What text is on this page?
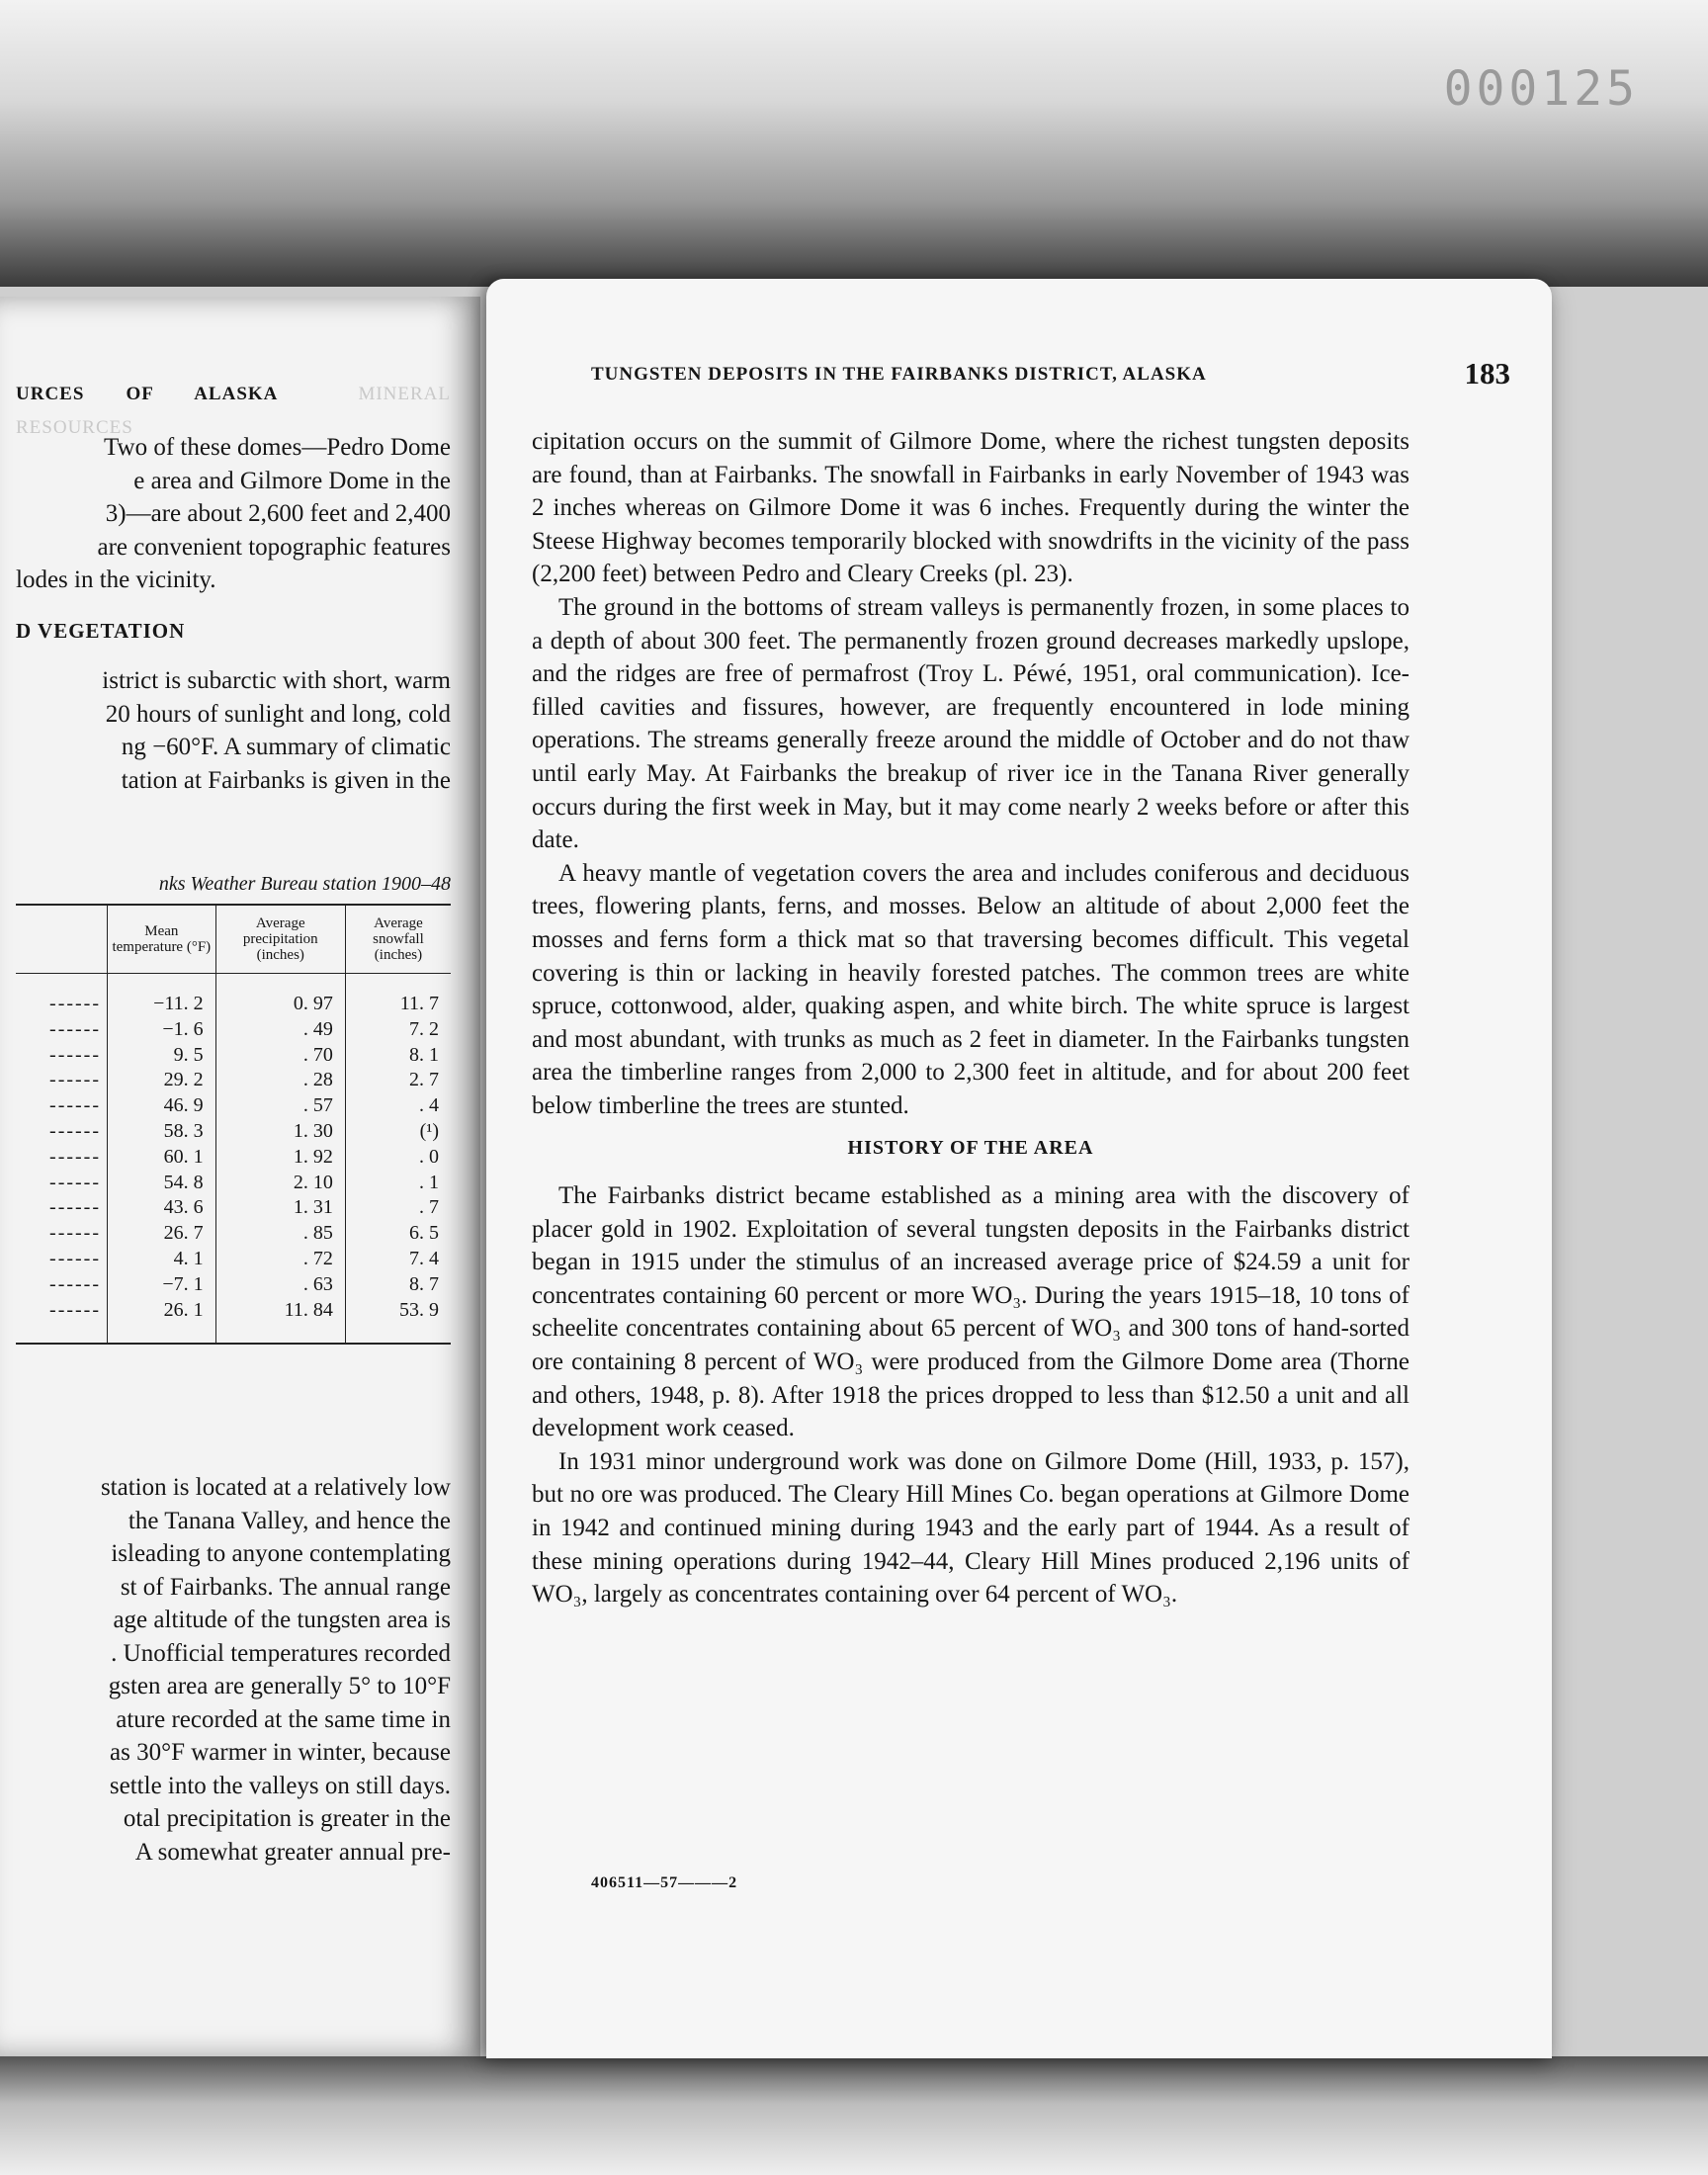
000125
URCES OF ALASKA	MINERAL RESOURCES

Two of these domes—Pedro Dome

e area and Gilmore Dome in the

3)—are about 2,600 feet and 2,400

are convenient topographic features

lodes in the vicinity.

D VEGETATION

istrict is subarctic with short, warm

20 hours of sunlight and long, cold

ng −60°F. A summary of climatic

tation at Fairbanks is given in the

nks Weather Bureau station 1900–48
	Mean temperature (°F)	Average precipitation (inches)	Average snowfall (inches)
------	−11. 2	0. 97	11. 7
------	−1. 6	. 49	7. 2
------	9. 5	. 70	8. 1
------	29. 2	. 28	2. 7
------	46. 9	. 57	. 4
------	58. 3	1. 30	(¹)
------	60. 1	1. 92	. 0
------	54. 8	2. 10	. 1
------	43. 6	1. 31	. 7
------	26. 7	. 85	6. 5
------	4. 1	. 72	7. 4
------	−7. 1	. 63	8. 7
------	26. 1	11. 84	53. 9

station is located at a relatively low

the Tanana Valley, and hence the

isleading to anyone contemplating

st of Fairbanks. The annual range

age altitude of the tungsten area is

. Unofficial temperatures recorded

gsten area are generally 5° to 10°F

ature recorded at the same time in

as 30°F warmer in winter, because

settle into the valleys on still days.

otal precipitation is greater in the

A somewhat greater annual pre-

TUNGSTEN DEPOSITS IN THE FAIRBANKS DISTRICT, ALASKA	183

cipitation occurs on the summit of Gilmore Dome, where the richest tungsten deposits are found, than at Fairbanks. The snowfall in Fairbanks in early November of 1943 was 2 inches whereas on Gilmore Dome it was 6 inches. Frequently during the winter the Steese Highway becomes temporarily blocked with snowdrifts in the vicinity of the pass (2,200 feet) between Pedro and Cleary Creeks (pl. 23).

The ground in the bottoms of stream valleys is permanently frozen, in some places to a depth of about 300 feet. The permanently frozen ground decreases markedly upslope, and the ridges are free of permafrost (Troy L. Péwé, 1951, oral communication). Ice-filled cavities and fissures, however, are frequently encountered in lode mining operations. The streams generally freeze around the middle of October and do not thaw until early May. At Fairbanks the breakup of river ice in the Tanana River generally occurs during the first week in May, but it may come nearly 2 weeks before or after this date.

A heavy mantle of vegetation covers the area and includes coniferous and deciduous trees, flowering plants, ferns, and mosses. Below an altitude of about 2,000 feet the mosses and ferns form a thick mat so that traversing becomes difficult. This vegetal covering is thin or lacking in heavily forested patches. The common trees are white spruce, cottonwood, alder, quaking aspen, and white birch. The white spruce is largest and most abundant, with trunks as much as 2 feet in diameter. In the Fairbanks tungsten area the timberline ranges from 2,000 to 2,300 feet in altitude, and for about 200 feet below timberline the trees are stunted.

HISTORY OF THE AREA

The Fairbanks district became established as a mining area with the discovery of placer gold in 1902. Exploitation of several tungsten deposits in the Fairbanks district began in 1915 under the stimulus of an increased average price of $24.59 a unit for concentrates containing 60 percent or more WO₃. During the years 1915–18, 10 tons of scheelite concentrates containing about 65 percent of WO₃ and 300 tons of hand-sorted ore containing 8 percent of WO₃ were produced from the Gilmore Dome area (Thorne and others, 1948, p. 8). After 1918 the prices dropped to less than $12.50 a unit and all development work ceased.

In 1931 minor underground work was done on Gilmore Dome (Hill, 1933, p. 157), but no ore was produced. The Cleary Hill Mines Co. began operations at Gilmore Dome in 1942 and continued mining during 1943 and the early part of 1944. As a result of these mining operations during 1942–44, Cleary Hill Mines produced 2,196 units of WO₃, largely as concentrates containing over 64 percent of WO₃.

406511—57———2
